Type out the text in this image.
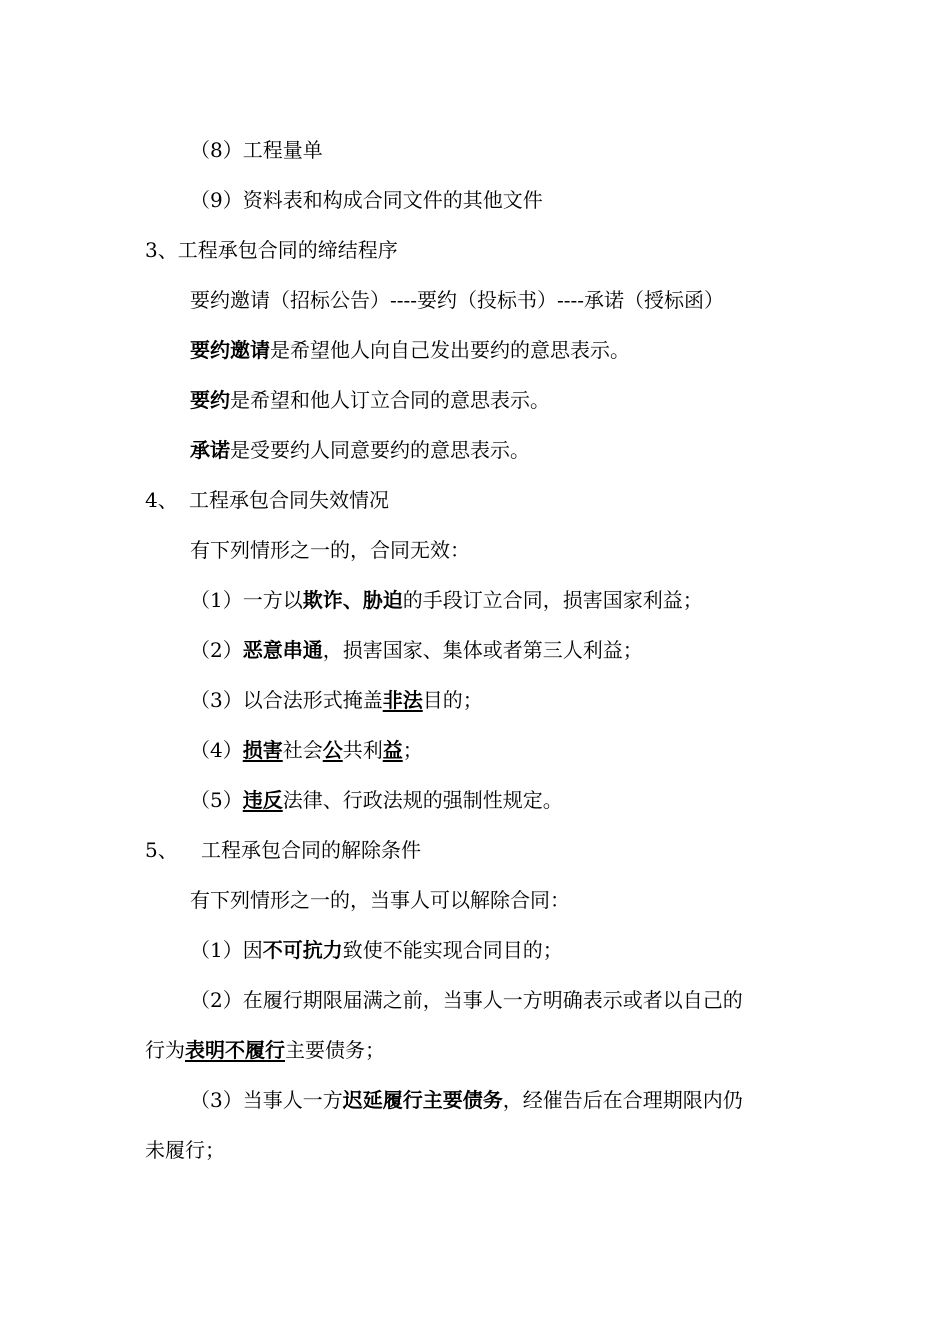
（8）工程量单
（9）资料表和构成合同文件的其他文件
3、工程承包合同的缔结程序
要约邀请（招标公告）----要约（投标书）----承诺（授标函）
要约邀请是希望他人向自己发出要约的意思表示。
要约是希望和他人订立合同的意思表示。
承诺是受要约人同意要约的意思表示。
4、 工程承包合同失效情况
有下列情形之一的，合同无效：
（1）一方以欺诈、胁迫的手段订立合同，损害国家利益；
（2）恶意串通，损害国家、集体或者第三人利益；
（3）以合法形式掩盖非法目的；
（4）损害社会公共利益；
（5）违反法律、行政法规的强制性规定。
5、 工程承包合同的解除条件
有下列情形之一的，当事人可以解除合同：
（1）因不可抗力致使不能实现合同目的；
（2）在履行期限届满之前，当事人一方明确表示或者以自己的
行为表明不履行主要债务；
（3）当事人一方迟延履行主要债务，经催告后在合理期限内仍
未履行；
